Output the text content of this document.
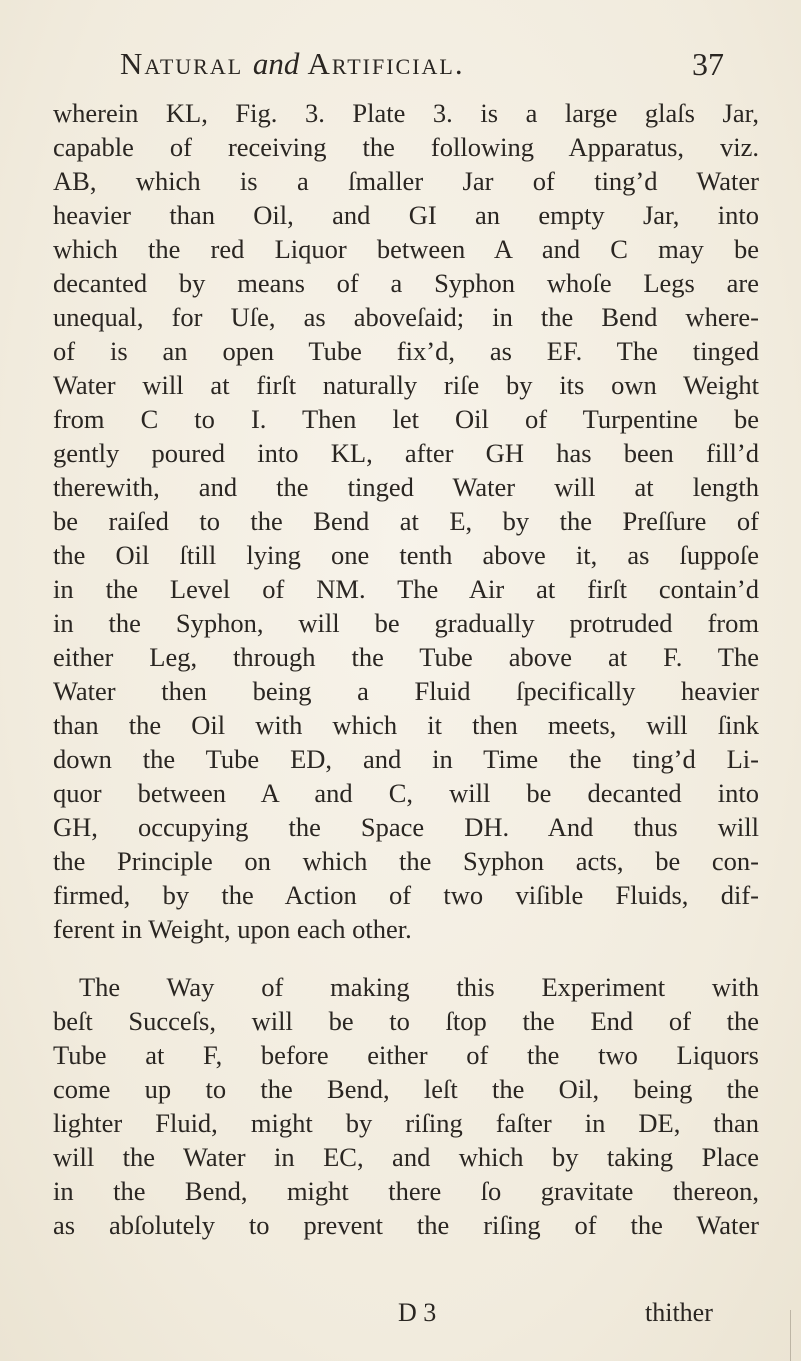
Natural and Artificial.	37
wherein KL, Fig. 3. Plate 3. is a large glaſs Jar,
capable of receiving the following Apparatus, viz.
AB, which is a ſmaller Jar of ting’d Water
heavier than Oil, and GI an empty Jar, into
which the red Liquor between A and C may be
decanted by means of a Syphon whoſe Legs are
unequal, for Uſe, as aboveſaid; in the Bend where-
of is an open Tube fix’d, as EF. The tinged
Water will at firſt naturally riſe by its own Weight
from C to I. Then let Oil of Turpentine be
gently poured into KL, after GH has been fill’d
therewith, and the tinged Water will at length
be raiſed to the Bend at E, by the Preſſure of
the Oil ſtill lying one tenth above it, as ſuppoſe
in the Level of NM. The Air at firſt contain’d
in the Syphon, will be gradually protruded from
either Leg, through the Tube above at F. The
Water then being a Fluid ſpecifically heavier
than the Oil with which it then meets, will ſink
down the Tube ED, and in Time the ting’d Li-
quor between A and C, will be decanted into
GH, occupying the Space DH. And thus will
the Principle on which the Syphon acts, be con-
firmed, by the Action of two viſible Fluids, dif-
ferent in Weight, upon each other.
The Way of making this Experiment with
beſt Succeſs, will be to ſtop the End of the
Tube at F, before either of the two Liquors
come up to the Bend, leſt the Oil, being the
lighter Fluid, might by riſing faſter in DE, than
will the Water in EC, and which by taking Place
in the Bend, might there ſo gravitate thereon,
as abſolutely to prevent the riſing of the Water
D 3	thither
